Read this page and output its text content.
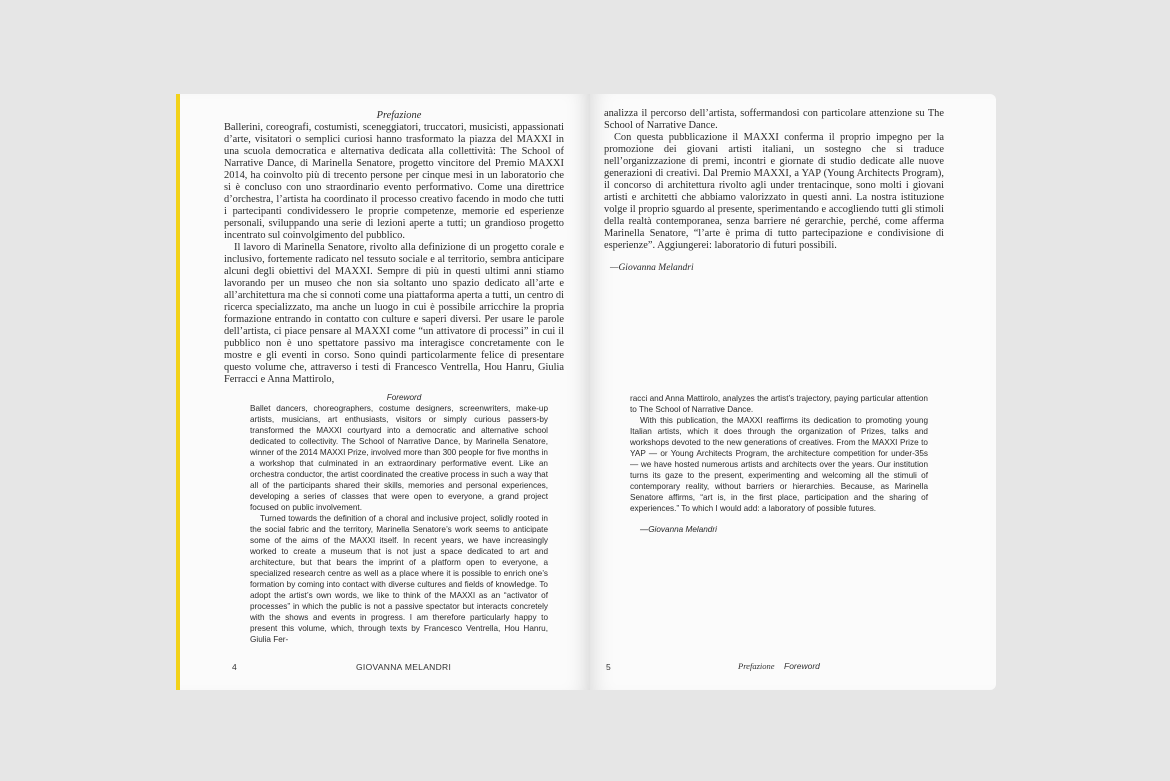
Prefazione

Ballerini, coreografi, costumisti, sceneggiatori, truccatori, musicisti, appassionati d’arte, visitatori o semplici curiosi hanno trasformato la piazza del MAXXI in una scuola democratica e alternativa dedicata alla collettività: The School of Narrative Dance, di Marinella Senatore, progetto vincitore del Premio MAXXI 2014, ha coinvolto più di trecento persone per cinque mesi in un laboratorio che si è concluso con uno straordinario evento performativo. Come una direttrice d’orchestra, l’artista ha coordinato il processo creativo facendo in modo che tutti i partecipanti condividessero le proprie competenze, memorie ed esperienze personali, sviluppando una serie di lezioni aperte a tutti; un grandioso progetto incentrato sul coinvolgimento del pubblico.

Il lavoro di Marinella Senatore, rivolto alla definizione di un progetto corale e inclusivo, fortemente radicato nel tessuto sociale e al territorio, sembra anticipare alcuni degli obiettivi del MAXXI. Sempre di più in questi ultimi anni stiamo lavorando per un museo che non sia soltanto uno spazio dedicato all’arte e all’architettura ma che si connoti come una piattaforma aperta a tutti, un centro di ricerca specializzato, ma anche un luogo in cui è possibile arricchire la propria formazione entrando in contatto con culture e saperi diversi. Per usare le parole dell’artista, ci piace pensare al MAXXI come “un attivatore di processi” in cui il pubblico non è uno spettatore passivo ma interagisce concretamente con le mostre e gli eventi in corso. Sono quindi particolarmente felice di presentare questo volume che, attraverso i testi di Francesco Ventrella, Hou Hanru, Giulia Ferracci e Anna Mattirolo,

Foreword

Ballet dancers, choreographers, costume designers, screenwriters, make-up artists, musicians, art enthusiasts, visitors or simply curious passers-by transformed the MAXXI courtyard into a democratic and alternative school dedicated to collectivity. The School of Narrative Dance, by Marinella Senatore, winner of the 2014 MAXXI Prize, involved more than 300 people for five months in a workshop that culminated in an extraordinary performative event. Like an orchestra conductor, the artist coordinated the creative process in such a way that all of the participants shared their skills, memories and personal experiences, developing a series of classes that were open to everyone, a grand project focused on public involvement.

Turned towards the definition of a choral and inclusive project, solidly rooted in the social fabric and the territory, Marinella Senatore’s work seems to anticipate some of the aims of the MAXXI itself. In recent years, we have increasingly worked to create a museum that is not just a space dedicated to art and architecture, but that bears the imprint of a platform open to everyone, a specialized research centre as well as a place where it is possible to enrich one’s formation by coming into contact with diverse cultures and fields of knowledge. To adopt the artist’s own words, we like to think of the MAXXI as an “activator of processes” in which the public is not a passive spectator but interacts concretely with the shows and events in progress. I am therefore particularly happy to present this volume, which, through texts by Francesco Ventrella, Hou Hanru, Giulia Fer-

4	GIOVANNA MELANDRI

analizza il percorso dell’artista, soffermandosi con particolare attenzione su The School of Narrative Dance.

Con questa pubblicazione il MAXXI conferma il proprio impegno per la promozione dei giovani artisti italiani, un sostegno che si traduce nell’organizzazione di premi, incontri e giornate di studio dedicate alle nuove generazioni di creativi. Dal Premio MAXXI, a YAP (Young Architects Program), il concorso di architettura rivolto agli under trentacinque, sono molti i giovani artisti e architetti che abbiamo valorizzato in questi anni. La nostra istituzione volge il proprio sguardo al presente, sperimentando e accogliendo tutti gli stimoli della realtà contemporanea, senza barriere né gerarchie, perché, come afferma Marinella Senatore, “l’arte è prima di tutto partecipazione e condivisione di esperienze”. Aggiungerei: laboratorio di futuri possibili.

—Giovanna Melandri

racci and Anna Mattirolo, analyzes the artist’s trajectory, paying particular attention to The School of Narrative Dance.

With this publication, the MAXXI reaffirms its dedication to promoting young Italian artists, which it does through the organization of Prizes, talks and workshops devoted to the new generations of creatives. From the MAXXI Prize to YAP — or Young Architects Program, the architecture competition for under-35s — we have hosted numerous artists and architects over the years. Our institution turns its gaze to the present, experimenting and welcoming all the stimuli of contemporary reality, without barriers or hierarchies. Because, as Marinella Senatore affirms, “art is, in the first place, participation and the sharing of experiences.” To which I would add: a laboratory of possible futures.

—Giovanna Melandri

5	Prefazione Foreword
